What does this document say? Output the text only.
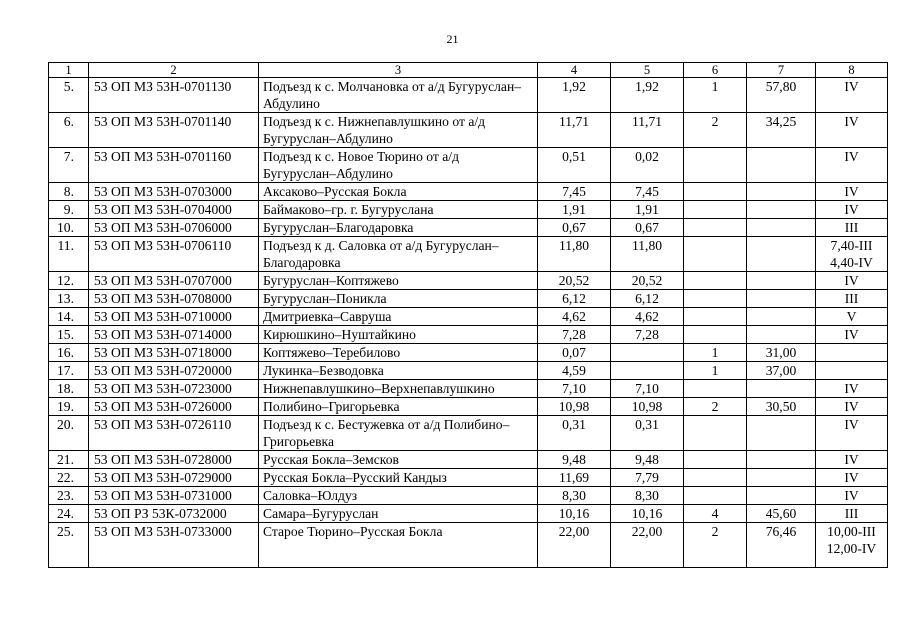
21
1	2	3	4	5	6	7	8
5.	53 ОП МЗ 53Н-0701130	Подъезд к с. Молчановка от а/д Бугуруслан–Абдулино	1,92	1,92	1	57,80	IV
6.	53 ОП МЗ 53Н-0701140	Подъезд к с. Нижнепавлушкино от а/д Бугуруслан–Абдулино	11,71	11,71	2	34,25	IV
7.	53 ОП МЗ 53Н-0701160	Подъезд к с. Новое Тюрино от а/д Бугуруслан–Абдулино	0,51	0,02			IV
8.	53 ОП МЗ 53Н-0703000	Аксаково–Русская Бокла	7,45	7,45			IV
9.	53 ОП МЗ 53Н-0704000	Баймаково–гр. г. Бугуруслана	1,91	1,91			IV
10.	53 ОП МЗ 53Н-0706000	Бугуруслан–Благодаровка	0,67	0,67			III
11.	53 ОП МЗ 53Н-0706110	Подъезд к д. Саловка от а/д Бугуруслан–Благодаровка	11,80	11,80			7,40-III
4,40-IV
12.	53 ОП МЗ 53Н-0707000	Бугуруслан–Коптяжево	20,52	20,52			IV
13.	53 ОП МЗ 53Н-0708000	Бугуруслан–Поникла	6,12	6,12			III
14.	53 ОП МЗ 53Н-0710000	Дмитриевка–Савруша	4,62	4,62			V
15.	53 ОП МЗ 53Н-0714000	Кирюшкино–Нуштайкино	7,28	7,28			IV
16.	53 ОП МЗ 53Н-0718000	Коптяжево–Теребилово	0,07		1	31,00	
17.	53 ОП МЗ 53Н-0720000	Лукинка–Безводовка	4,59		1	37,00	
18.	53 ОП МЗ 53Н-0723000	Нижнепавлушкино–Верхнепавлушкино	7,10	7,10			IV
19.	53 ОП МЗ 53Н-0726000	Полибино–Григорьевка	10,98	10,98	2	30,50	IV
20.	53 ОП МЗ 53Н-0726110	Подъезд к с. Бестужевка от а/д Полибино–Григорьевка	0,31	0,31			IV
21.	53 ОП МЗ 53Н-0728000	Русская Бокла–Земсков	9,48	9,48			IV
22.	53 ОП МЗ 53Н-0729000	Русская Бокла–Русский Кандыз	11,69	7,79			IV
23.	53 ОП МЗ 53Н-0731000	Саловка–Юлдуз	8,30	8,30			IV
24.	53 ОП РЗ 53К-0732000	Самара–Бугуруслан	10,16	10,16	4	45,60	III
25.	53 ОП МЗ 53Н-0733000	Старое Тюрино–Русская Бокла	22,00	22,00	2	76,46	10,00-III
12,00-IV
